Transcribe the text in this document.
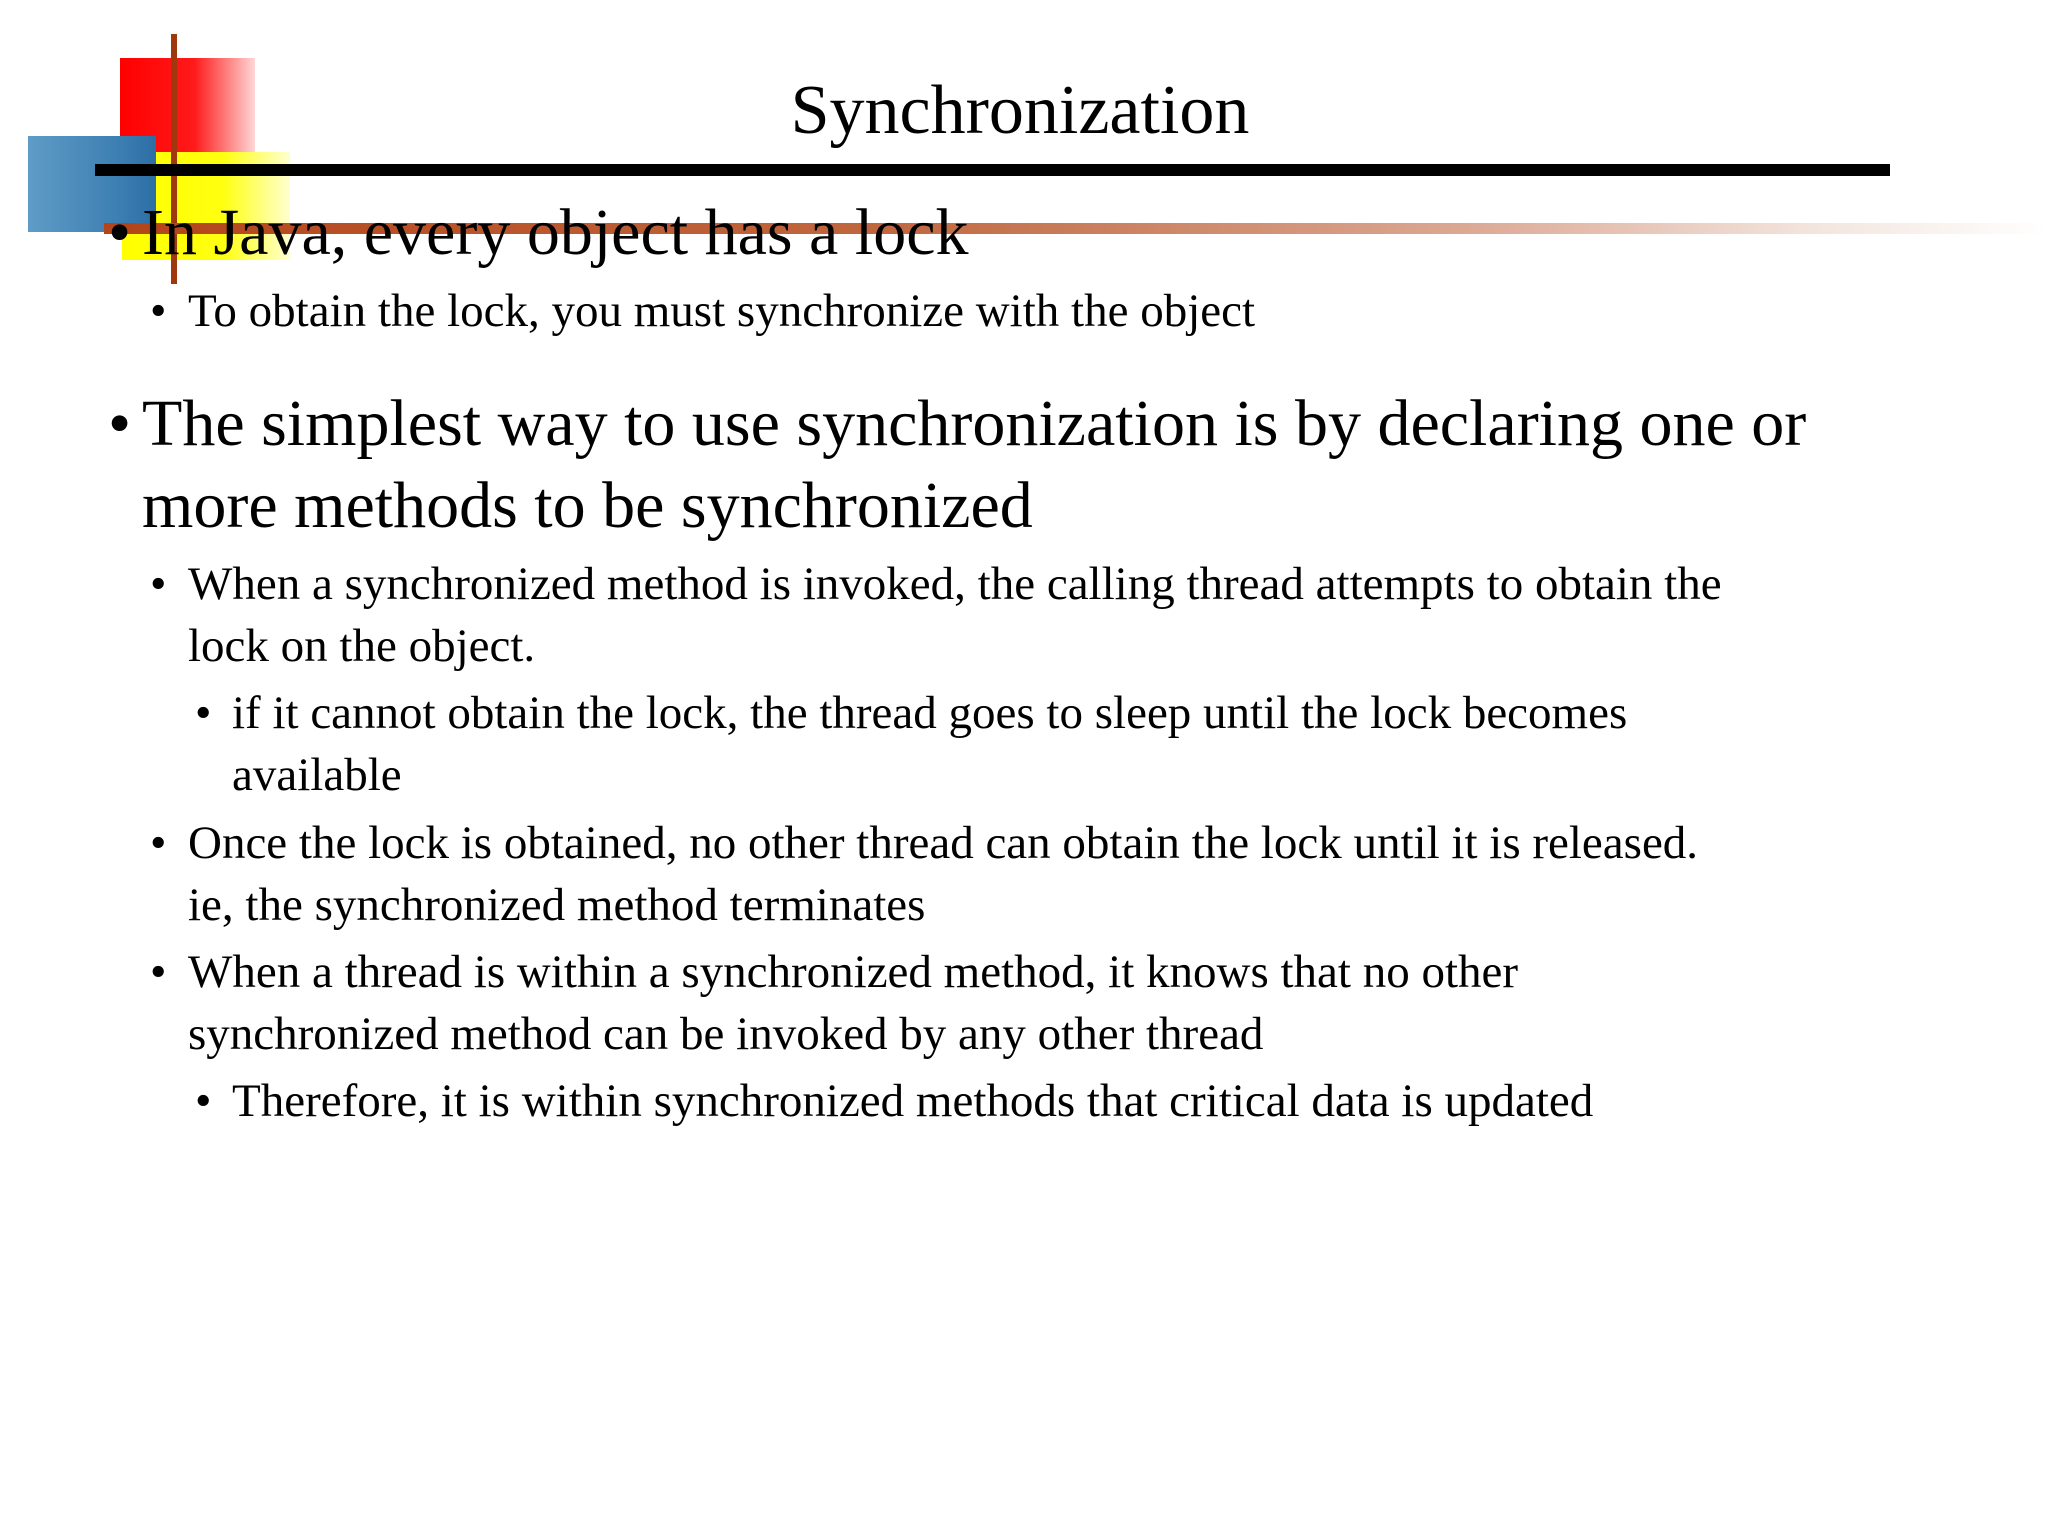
Synchronization
• In Java, every object has a lock
• To obtain the lock, you must synchronize with the object
• The simplest way to use synchronization is by declaring one or
more methods to be synchronized
• When a synchronized method is invoked, the calling thread attempts to obtain the
lock on the object.
• if it cannot obtain the lock, the thread goes to sleep until the lock becomes
available
• Once the lock is obtained, no other thread can obtain the lock until it is released.
ie, the synchronized method terminates
• When a thread is within a synchronized method, it knows that no other
synchronized method can be invoked by any other thread
• Therefore, it is within synchronized methods that critical data is updated
